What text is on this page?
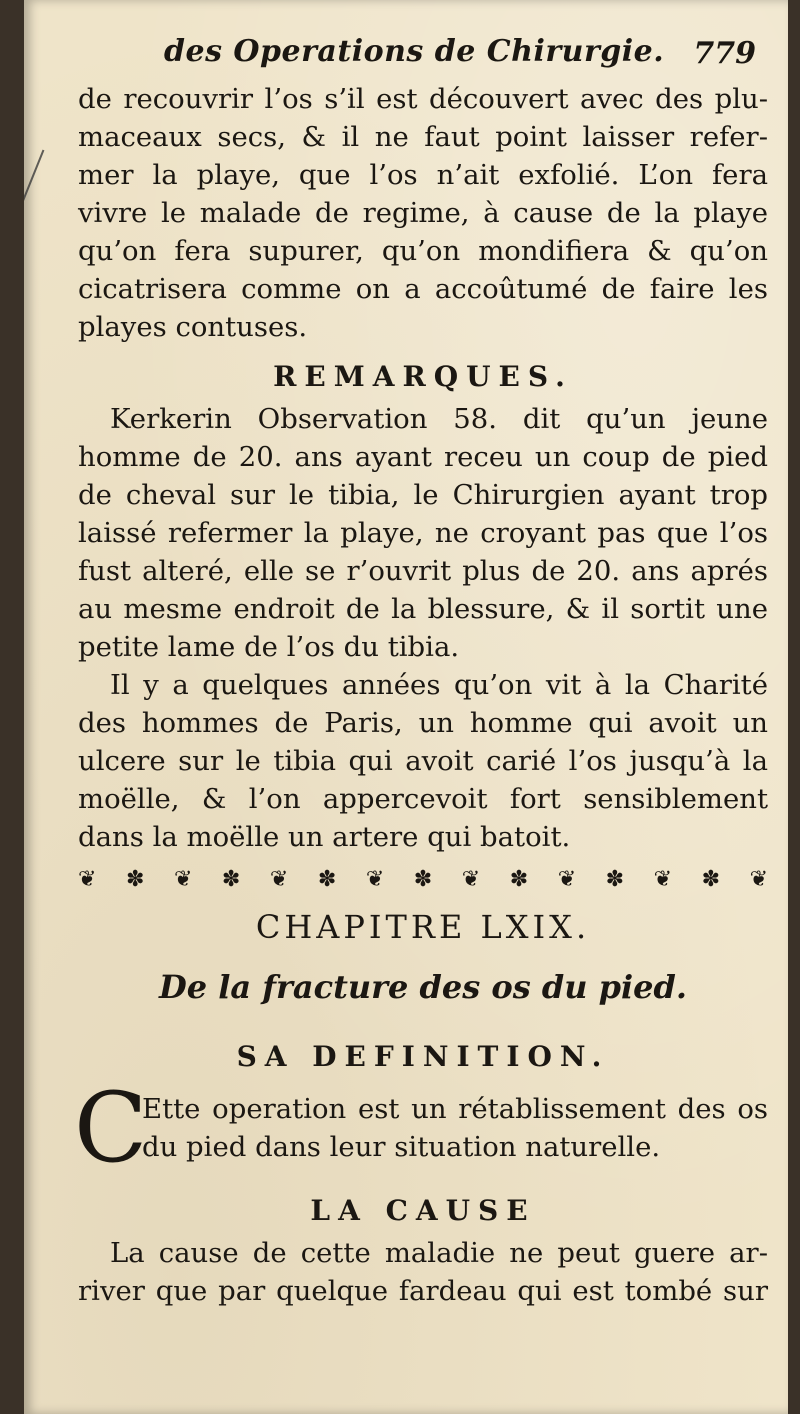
des Operations de Chirurgie. 779
de recouvrir l’os s’il est découvert avec des plu-
maceaux secs, & il ne faut point laisser refer-
mer la playe, que l’os n’ait exfolié. L’on fera
vivre le malade de regime, à cause de la playe
qu’on fera supurer, qu’on mondifiera & qu’on
cicatrisera comme on a accoûtumé de faire les
playes contuses.
REMARQUES.
Kerkerin Observation 58. dit qu’un jeune
homme de 20. ans ayant receu un coup de pied
de cheval sur le tibia, le Chirurgien ayant trop
laissé refermer la playe, ne croyant pas que l’os
fust alteré, elle se r’ouvrit plus de 20. ans aprés
au mesme endroit de la blessure, & il sortit une
petite lame de l’os du tibia.
Il y a quelques années qu’on vit à la Charité
des hommes de Paris, un homme qui avoit un
ulcere sur le tibia qui avoit carié l’os jusqu’à la
moëlle, & l’on appercevoit fort sensiblement
dans la moëlle un artere qui batoit.
❦ ✽ ❦ ✽ ❦ ✽ ❦ ✽ ❦ ✽ ❦ ✽ ❦ ✽ ❦
CHAPITRE LXIX.
De la fracture des os du pied.
SA DEFINITION.
C
Ette operation est un rétablissement des os
du pied dans leur situation naturelle.
LA CAUSE
La cause de cette maladie ne peut guere ar-
river que par quelque fardeau qui est tombé sur
